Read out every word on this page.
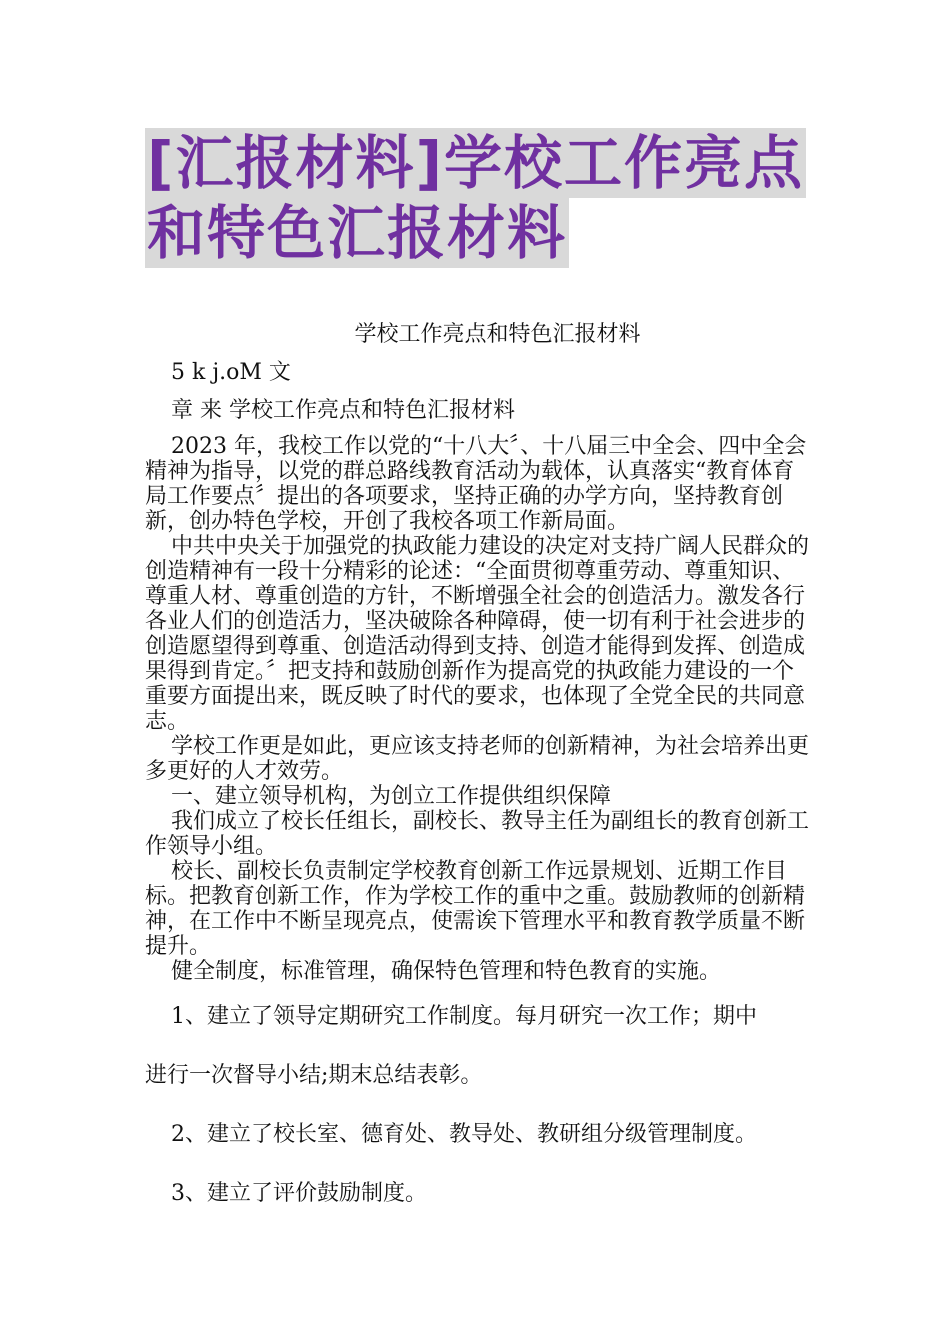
[汇报材料]学校工作亮点
和特色汇报材料

学校工作亮点和特色汇报材料

5 k j.oM 文

章 来 学校工作亮点和特色汇报材料

2023 年，我校工作以党的“十八大〞、十八届三中全会、四中全会精神为指导，以党的群总路线教育活动为载体，认真落实“教育体育局工作要点〞提出的各项要求，坚持正确的办学方向，坚持教育创新，创办特色学校，开创了我校各项工作新局面。

中共中央关于加强党的执政能力建设的决定对支持广阔人民群众的创造精神有一段十分精彩的论述：“全面贯彻尊重劳动、尊重知识、尊重人材、尊重创造的方针，不断增强全社会的创造活力。激发各行各业人们的创造活力，坚决破除各种障碍，使一切有利于社会进步的创造愿望得到尊重、创造活动得到支持、创造才能得到发挥、创造成果得到肯定。〞把支持和鼓励创新作为提高党的执政能力建设的一个重要方面提出来，既反映了时代的要求，也体现了全党全民的共同意志。

学校工作更是如此，更应该支持老师的创新精神，为社会培养出更多更好的人才效劳。

一、建立领导机构，为创立工作提供组织保障

我们成立了校长任组长，副校长、教导主任为副组长的教育创新工作领导小组。

校长、副校长负责制定学校教育创新工作远景规划、近期工作目标。把教育创新工作，作为学校工作的重中之重。鼓励教师的创新精神，在工作中不断呈现亮点，使需诶下管理水平和教育教学质量不断提升。

健全制度，标准管理，确保特色管理和特色教育的实施。

1、建立了领导定期研究工作制度。每月研究一次工作；期中

进行一次督导小结;期末总结表彰。

2、建立了校长室、德育处、教导处、教研组分级管理制度。

3、建立了评价鼓励制度。
